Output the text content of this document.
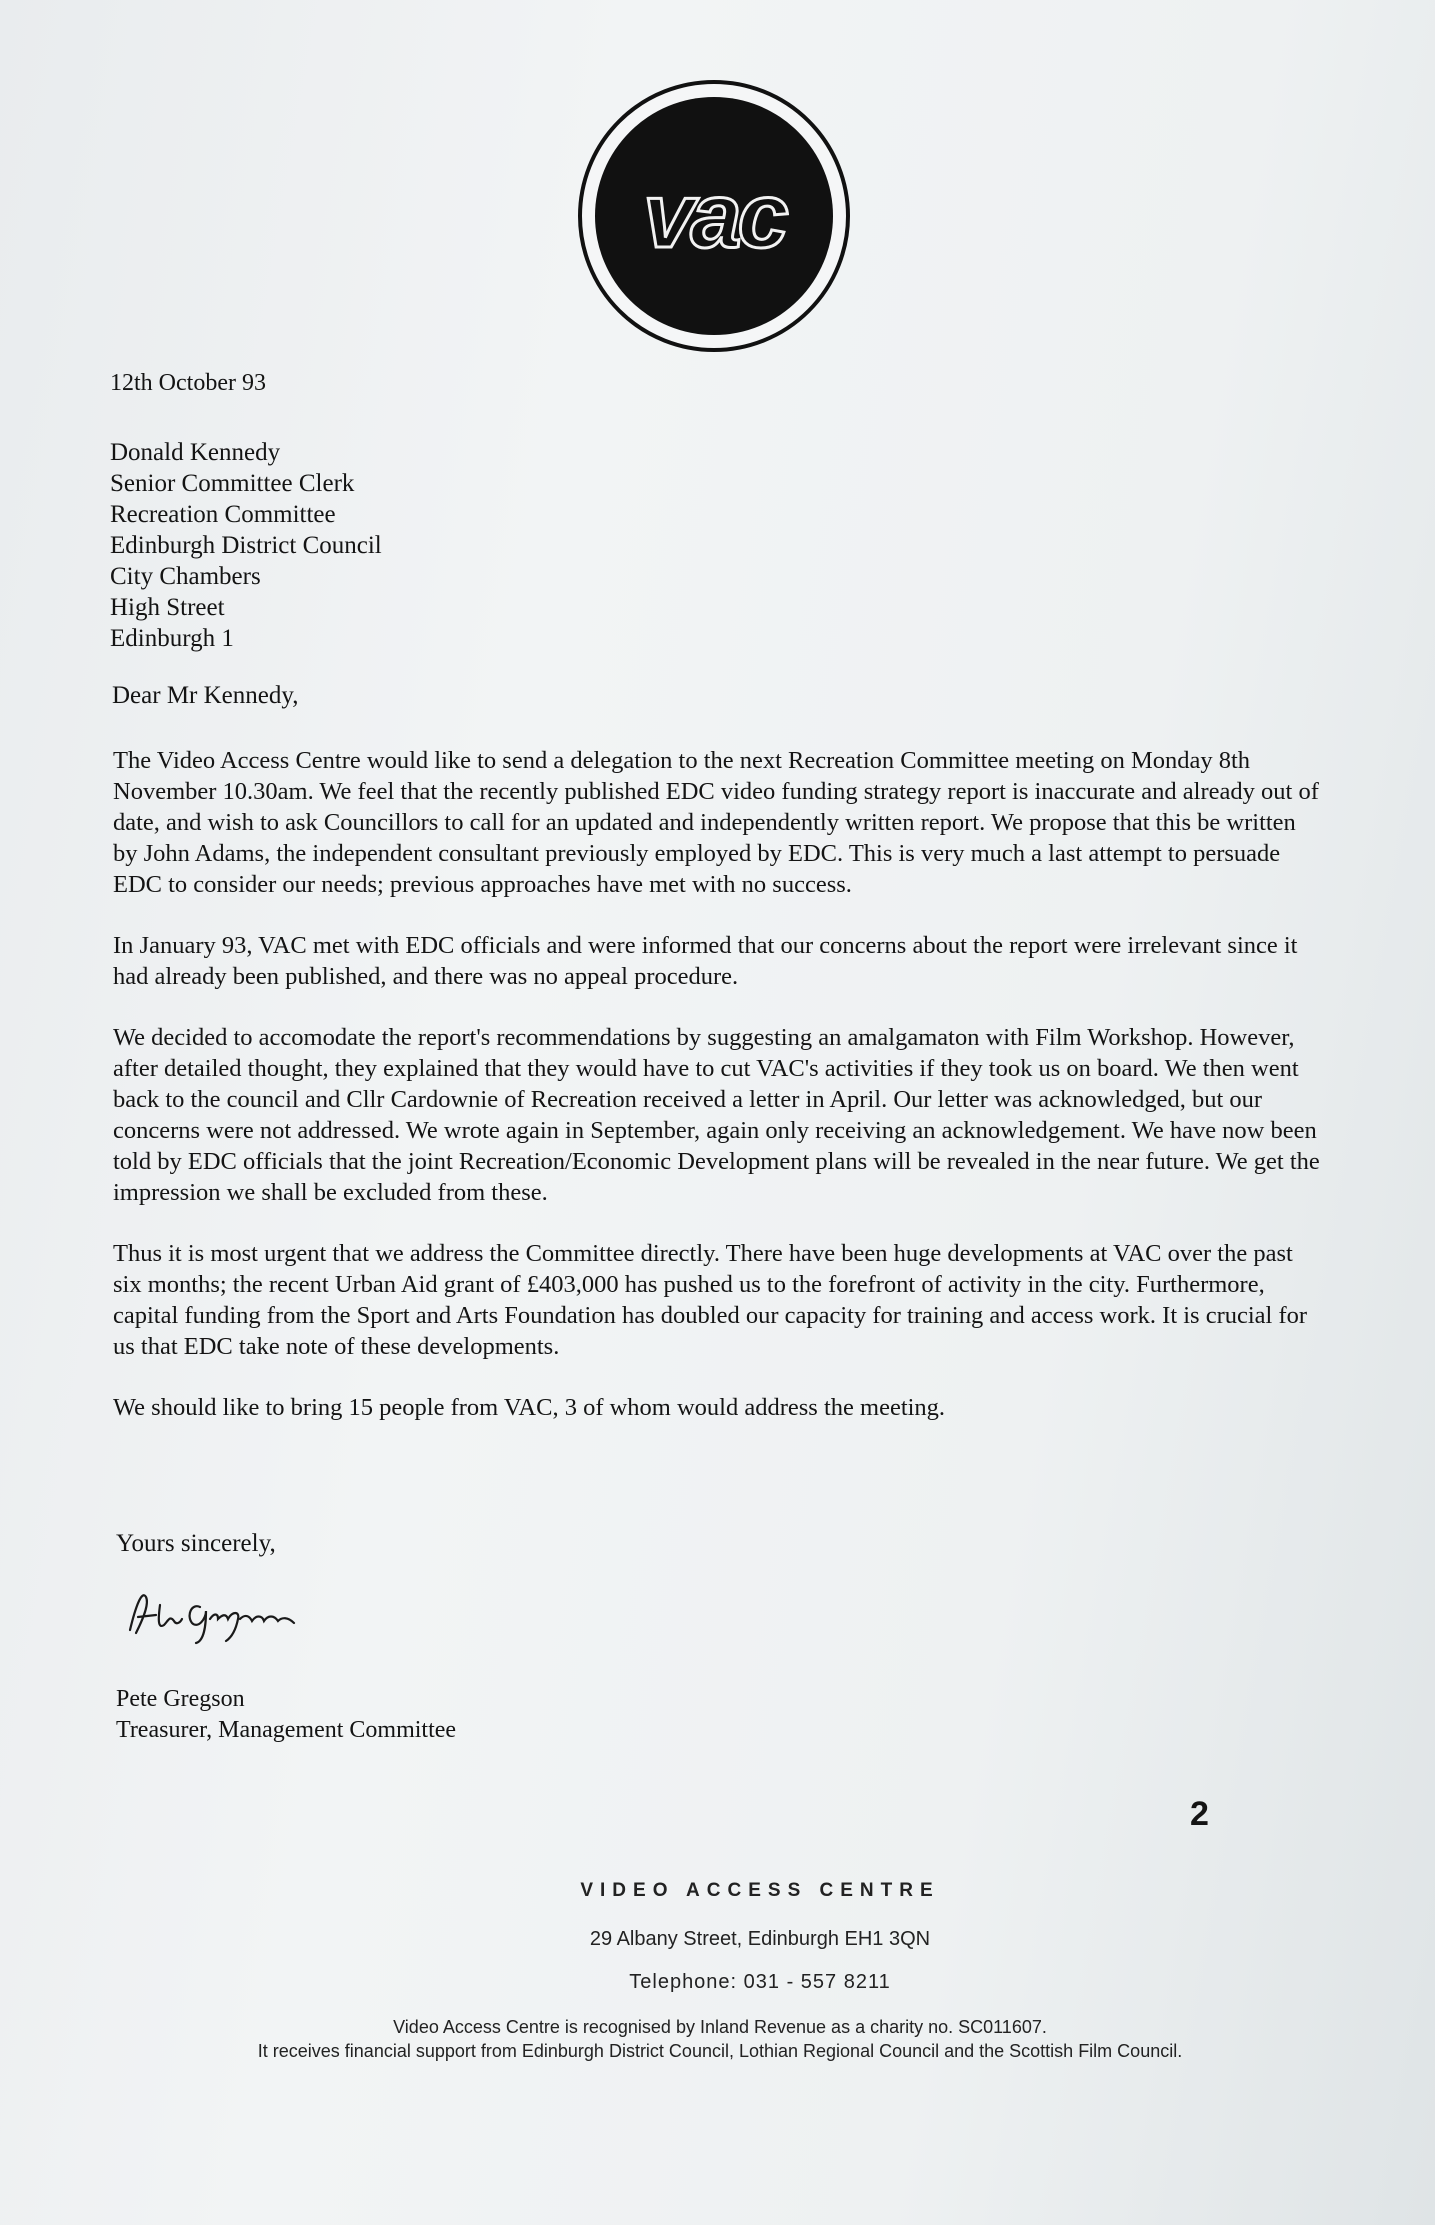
vac
12th October 93
Donald Kennedy
Senior Committee Clerk
Recreation Committee
Edinburgh District Council
City Chambers
High Street
Edinburgh 1
Dear Mr Kennedy,

The Video Access Centre would like to send a delegation to the next Recreation Committee meeting on Monday 8th November 10.30am. We feel that the recently published EDC video funding strategy report is inaccurate and already out of date, and wish to ask Councillors to call for an updated and independently written report. We propose that this be written by John Adams, the independent consultant previously employed by EDC. This is very much a last attempt to persuade EDC to consider our needs; previous approaches have met with no success.

In January 93, VAC met with EDC officials and were informed that our concerns about the report were irrelevant since it had already been published, and there was no appeal procedure.

We decided to accomodate the report's recommendations by suggesting an amalgamaton with Film Workshop. However, after detailed thought, they explained that they would have to cut VAC's activities if they took us on board. We then went back to the council and Cllr Cardownie of Recreation received a letter in April. Our letter was acknowledged, but our concerns were not addressed. We wrote again in September, again only receiving an acknowledgement. We have now been told by EDC officials that the joint Recreation/Economic Development plans will be revealed in the near future. We get the impression we shall be excluded from these.

Thus it is most urgent that we address the Committee directly. There have been huge developments at VAC over the past six months; the recent Urban Aid grant of £403,000 has pushed us to the forefront of activity in the city. Furthermore, capital funding from the Sport and Arts Foundation has doubled our capacity for training and access work. It is crucial for us that EDC take note of these developments.

We should like to bring 15 people from VAC, 3 of whom would address the meeting.

Yours sincerely,
Pete Gregson
Treasurer, Management Committee
2
VIDEO ACCESS CENTRE
29 Albany Street, Edinburgh EH1 3QN
Telephone: 031 - 557 8211
Video Access Centre is recognised by Inland Revenue as a charity no. SC011607.
It receives financial support from Edinburgh District Council, Lothian Regional Council and the Scottish Film Council.
